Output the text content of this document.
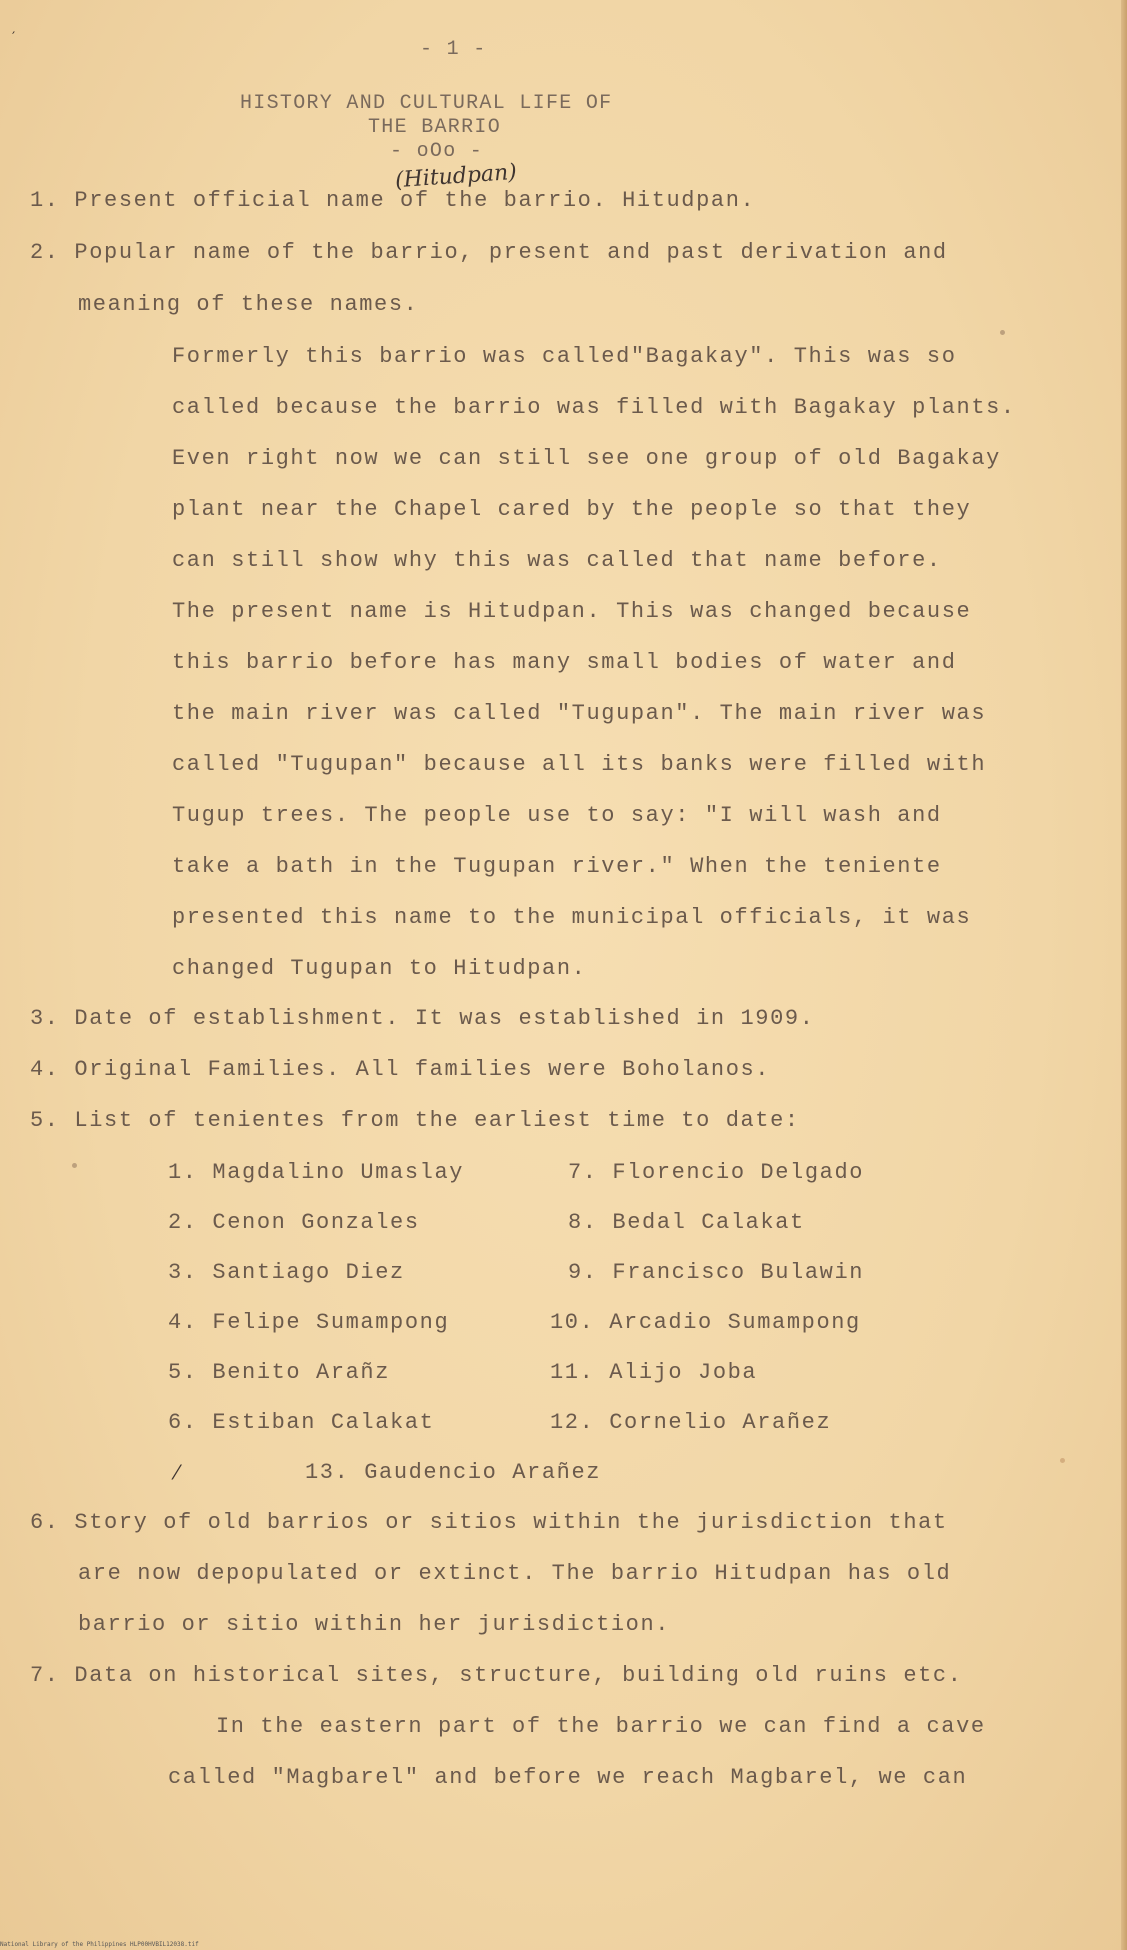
- 1 -
HISTORY AND CULTURAL LIFE OF
THE BARRIO
- oOo -
(Hitudpan)
1. Present official name of the barrio. Hitudpan.
2. Popular name of the barrio, present and past derivation and
meaning of these names.
Formerly this barrio was called"Bagakay". This was so
called because the barrio was filled with Bagakay plants.
Even right now we can still see one group of old Bagakay
plant near the Chapel cared by the people so that they
can still show why this was called that name before.
The present name is Hitudpan. This was changed because
this barrio before has many small bodies of water and
the main river was called "Tugupan". The main river was
called "Tugupan" because all its banks were filled with
Tugup trees. The people use to say: "I will wash and
take a bath in the Tugupan river." When the teniente
presented this name to the municipal officials, it was
changed Tugupan to Hitudpan.
3. Date of establishment. It was established in 1909.
4. Original Families. All families were Boholanos.
5. List of tenientes from the earliest time to date:
1. Magdalino Umaslay
2. Cenon Gonzales
3. Santiago Diez
4. Felipe Sumampong
5. Benito Arañz
6. Estiban Calakat
7. Florencio Delgado
8. Bedal Calakat
9. Francisco Bulawin
10. Arcadio Sumampong
11. Alijo Joba
12. Cornelio Arañez
13. Gaudencio Arañez
6. Story of old barrios or sitios within the jurisdiction that
are now depopulated or extinct. The barrio Hitudpan has old
barrio or sitio within her jurisdiction.
7. Data on historical sites, structure, building old ruins etc.
In the eastern part of the barrio we can find a cave
called "Magbarel" and before we reach Magbarel, we can
′
⁄
National Library of the Philippines HLP00HVBIL12038.tif
